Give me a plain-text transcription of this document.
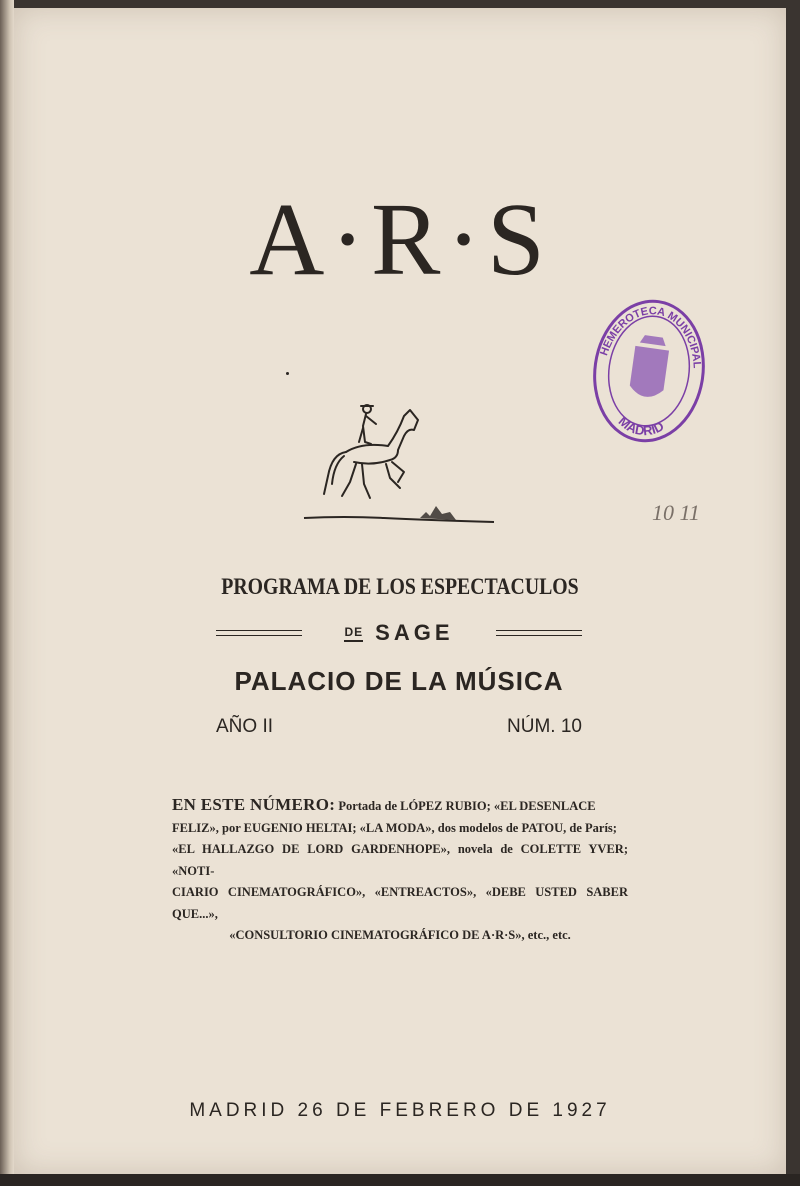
A·R·S
HEMEROTECA MUNICIPAL
MADRID
10 11
PROGRAMA DE LOS ESPECTACULOS
DE SAGE
PALACIO DE LA MÚSICA
AÑO II	NÚM. 10
EN ESTE NÚMERO: Portada de LÓPEZ RUBIO; «EL DESENLACE
FELIZ», por EUGENIO HELTAI; «LA MODA», dos modelos de PATOU, de París;
«EL HALLAZGO DE LORD GARDENHOPE», novela de COLETTE YVER; «NOTI-
CIARIO CINEMATOGRÁFICO», «ENTREACTOS», «DEBE USTED SABER QUE...»,

«CONSULTORIO CINEMATOGRÁFICO DE A·R·S», etc., etc.
MADRID 26 DE FEBRERO DE 1927
